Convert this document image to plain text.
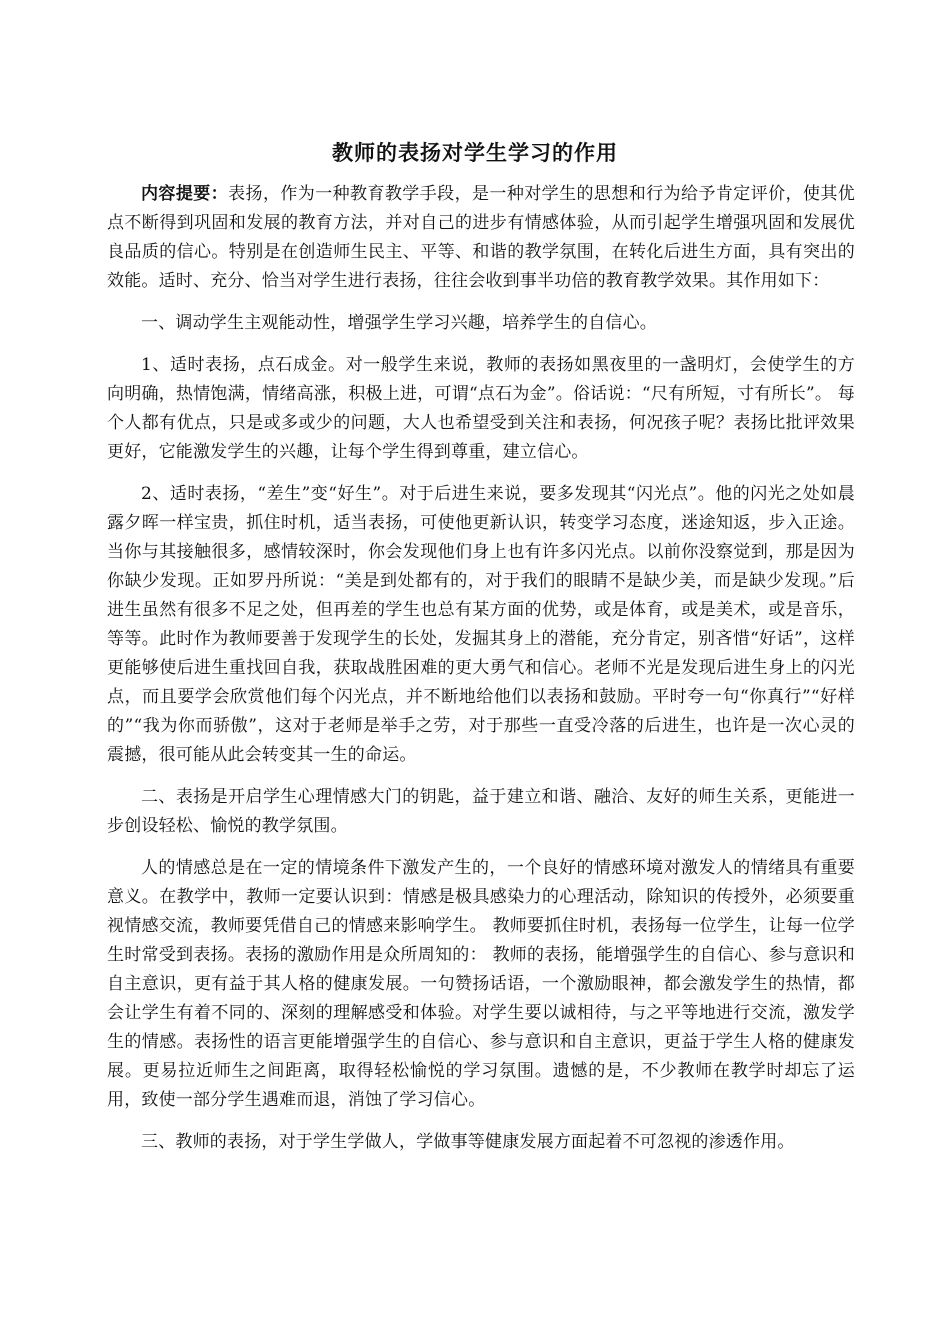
教师的表扬对学生学习的作用

内容提要：表扬，作为一种教育教学手段，是一种对学生的思想和行为给予肯定评价，使其优点不断得到巩固和发展的教育方法，并对自己的进步有情感体验，从而引起学生增强巩固和发展优良品质的信心。特别是在创造师生民主、平等、和谐的教学氛围，在转化后进生方面，具有突出的效能。适时、充分、恰当对学生进行表扬，往往会收到事半功倍的教育教学效果。其作用如下：

一、调动学生主观能动性，增强学生学习兴趣，培养学生的自信心。

1、适时表扬，点石成金。对一般学生来说，教师的表扬如黑夜里的一盏明灯，会使学生的方向明确，热情饱满，情绪高涨，积极上进，可谓“点石为金”。俗话说：“尺有所短，寸有所长”。 每个人都有优点，只是或多或少的问题，大人也希望受到关注和表扬，何况孩子呢？表扬比批评效果更好，它能激发学生的兴趣，让每个学生得到尊重，建立信心。

2、适时表扬，“差生”变“好生”。对于后进生来说，要多发现其“闪光点”。他的闪光之处如晨露夕晖一样宝贵，抓住时机，适当表扬，可使他更新认识，转变学习态度，迷途知返，步入正途。当你与其接触很多，感情较深时，你会发现他们身上也有许多闪光点。以前你没察觉到，那是因为你缺少发现。正如罗丹所说：“美是到处都有的，对于我们的眼睛不是缺少美，而是缺少发现。”后进生虽然有很多不足之处，但再差的学生也总有某方面的优势，或是体育，或是美术，或是音乐，等等。此时作为教师要善于发现学生的长处，发掘其身上的潜能，充分肯定，别吝惜“好话”，这样更能够使后进生重找回自我，获取战胜困难的更大勇气和信心。老师不光是发现后进生身上的闪光点，而且要学会欣赏他们每个闪光点，并不断地给他们以表扬和鼓励。平时夸一句“你真行”“好样的”“我为你而骄傲”，这对于老师是举手之劳，对于那些一直受冷落的后进生，也许是一次心灵的震撼，很可能从此会转变其一生的命运。

二、表扬是开启学生心理情感大门的钥匙，益于建立和谐、融洽、友好的师生关系，更能进一步创设轻松、愉悦的教学氛围。

人的情感总是在一定的情境条件下激发产生的，一个良好的情感环境对激发人的情绪具有重要意义。在教学中，教师一定要认识到：情感是极具感染力的心理活动，除知识的传授外，必须要重视情感交流，教师要凭借自己的情感来影响学生。 教师要抓住时机，表扬每一位学生，让每一位学生时常受到表扬。表扬的激励作用是众所周知的： 教师的表扬，能增强学生的自信心、参与意识和自主意识，更有益于其人格的健康发展。一句赞扬话语，一个激励眼神，都会激发学生的热情，都会让学生有着不同的、深刻的理解感受和体验。对学生要以诚相待，与之平等地进行交流，激发学生的情感。表扬性的语言更能增强学生的自信心、参与意识和自主意识，更益于学生人格的健康发展。更易拉近师生之间距离，取得轻松愉悦的学习氛围。遗憾的是，不少教师在教学时却忘了运用，致使一部分学生遇难而退，消蚀了学习信心。

三、教师的表扬，对于学生学做人，学做事等健康发展方面起着不可忽视的渗透作用。
